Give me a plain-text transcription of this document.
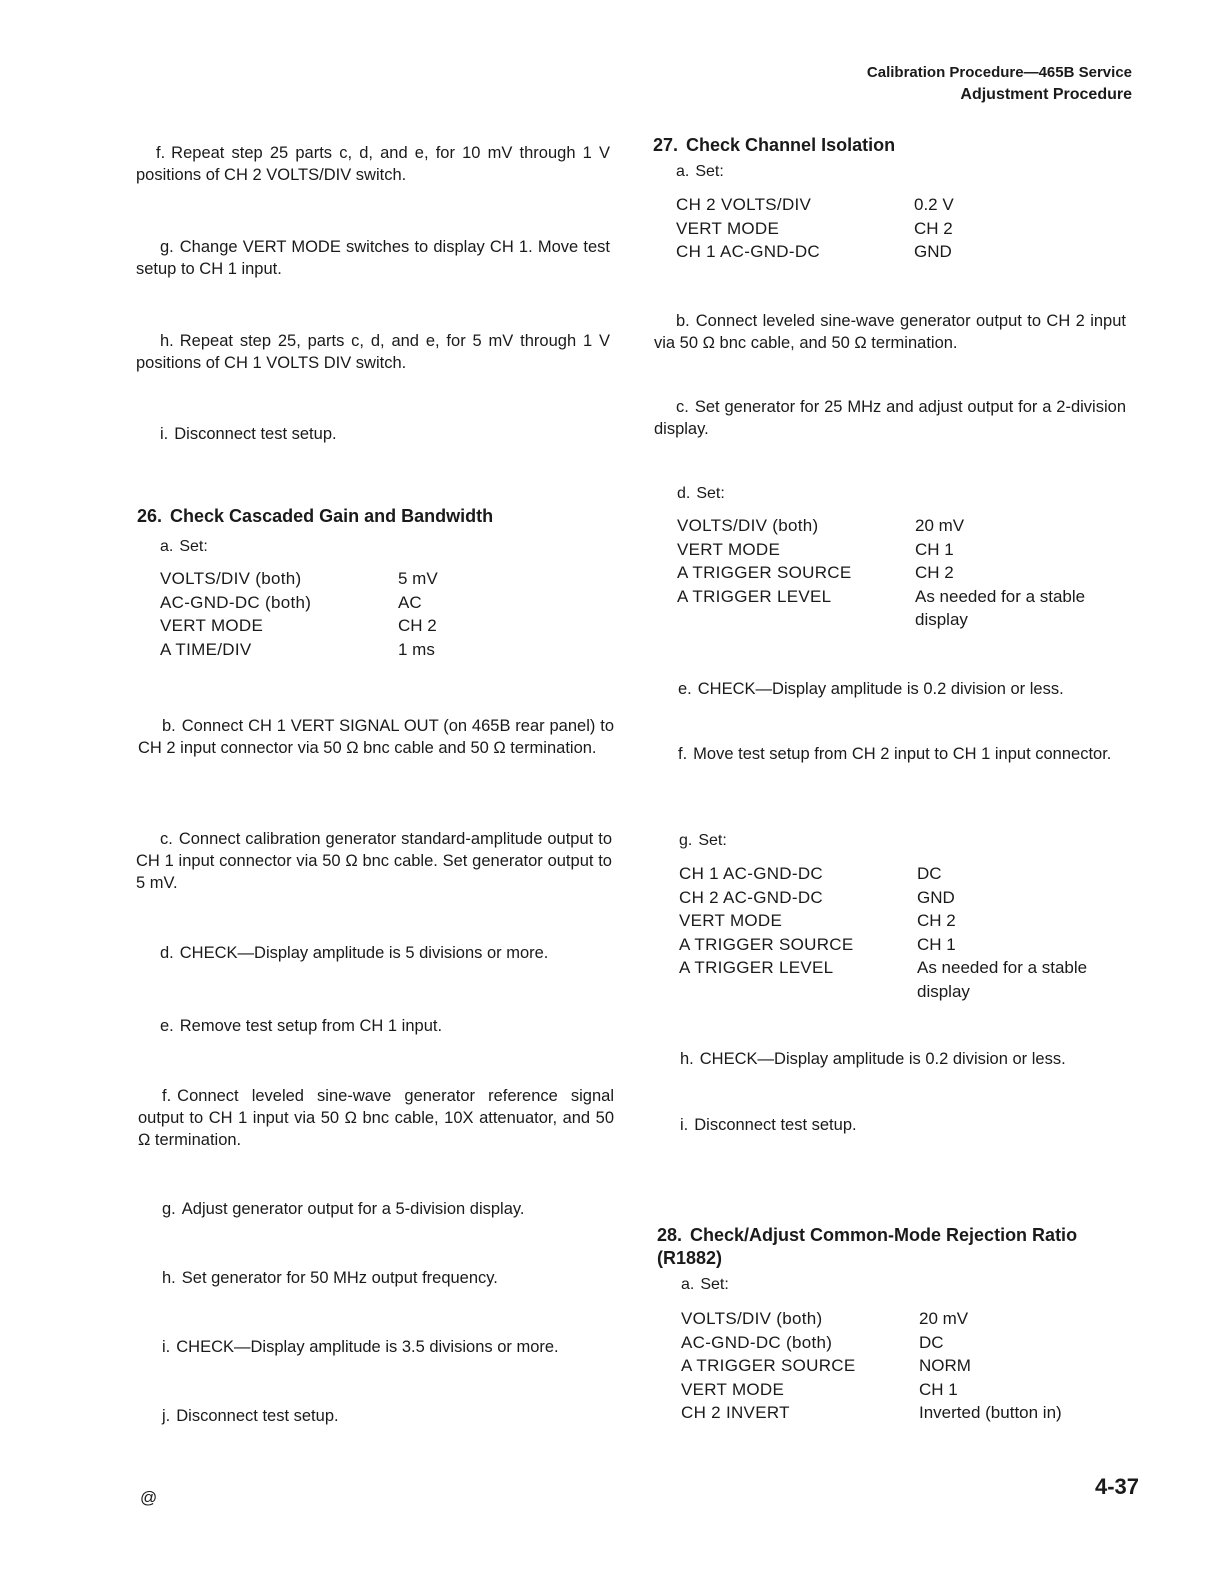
Calibration Procedure—465B Service
Adjustment Procedure
f. Repeat step 25 parts c, d, and e, for 10 mV through 1 V positions of CH 2 VOLTS/DIV switch.
g. Change VERT MODE switches to display CH 1. Move test setup to CH 1 input.
h. Repeat step 25, parts c, d, and e, for 5 mV through 1 V positions of CH 1 VOLTS DIV switch.
i. Disconnect test setup.
26. Check Cascaded Gain and Bandwidth
a. Set:
VOLTS/DIV (both)	5 mV
AC-GND-DC (both)	AC
VERT MODE	CH 2
A TIME/DIV	1 ms
b. Connect CH 1 VERT SIGNAL OUT (on 465B rear panel) to CH 2 input connector via 50 Ω bnc cable and 50 Ω termination.
c. Connect calibration generator standard-amplitude output to CH 1 input connector via 50 Ω bnc cable. Set generator output to 5 mV.
d. CHECK—Display amplitude is 5 divisions or more.
e. Remove test setup from CH 1 input.
f. Connect leveled sine-wave generator reference signal output to CH 1 input via 50 Ω bnc cable, 10X attenuator, and 50 Ω termination.
g. Adjust generator output for a 5-division display.
h. Set generator for 50 MHz output frequency.
i. CHECK—Display amplitude is 3.5 divisions or more.
j. Disconnect test setup.
27. Check Channel Isolation
a. Set:
CH 2 VOLTS/DIV	0.2 V
VERT MODE	CH 2
CH 1 AC-GND-DC	GND
b. Connect leveled sine-wave generator output to CH 2 input via 50 Ω bnc cable, and 50 Ω termination.
c. Set generator for 25 MHz and adjust output for a 2-division display.
d. Set:
VOLTS/DIV (both)	20 mV
VERT MODE	CH 1
A TRIGGER SOURCE	CH 2
A TRIGGER LEVEL	As needed for a stable display
e. CHECK—Display amplitude is 0.2 division or less.
f. Move test setup from CH 2 input to CH 1 input connector.
g. Set:
CH 1 AC-GND-DC	DC
CH 2 AC-GND-DC	GND
VERT MODE	CH 2
A TRIGGER SOURCE	CH 1
A TRIGGER LEVEL	As needed for a stable display
h. CHECK—Display amplitude is 0.2 division or less.
i. Disconnect test setup.
28. Check/Adjust Common-Mode Rejection Ratio (R1882)
a. Set:
VOLTS/DIV (both)	20 mV
AC-GND-DC (both)	DC
A TRIGGER SOURCE	NORM
VERT MODE	CH 1
CH 2 INVERT	Inverted (button in)
@	4-37
